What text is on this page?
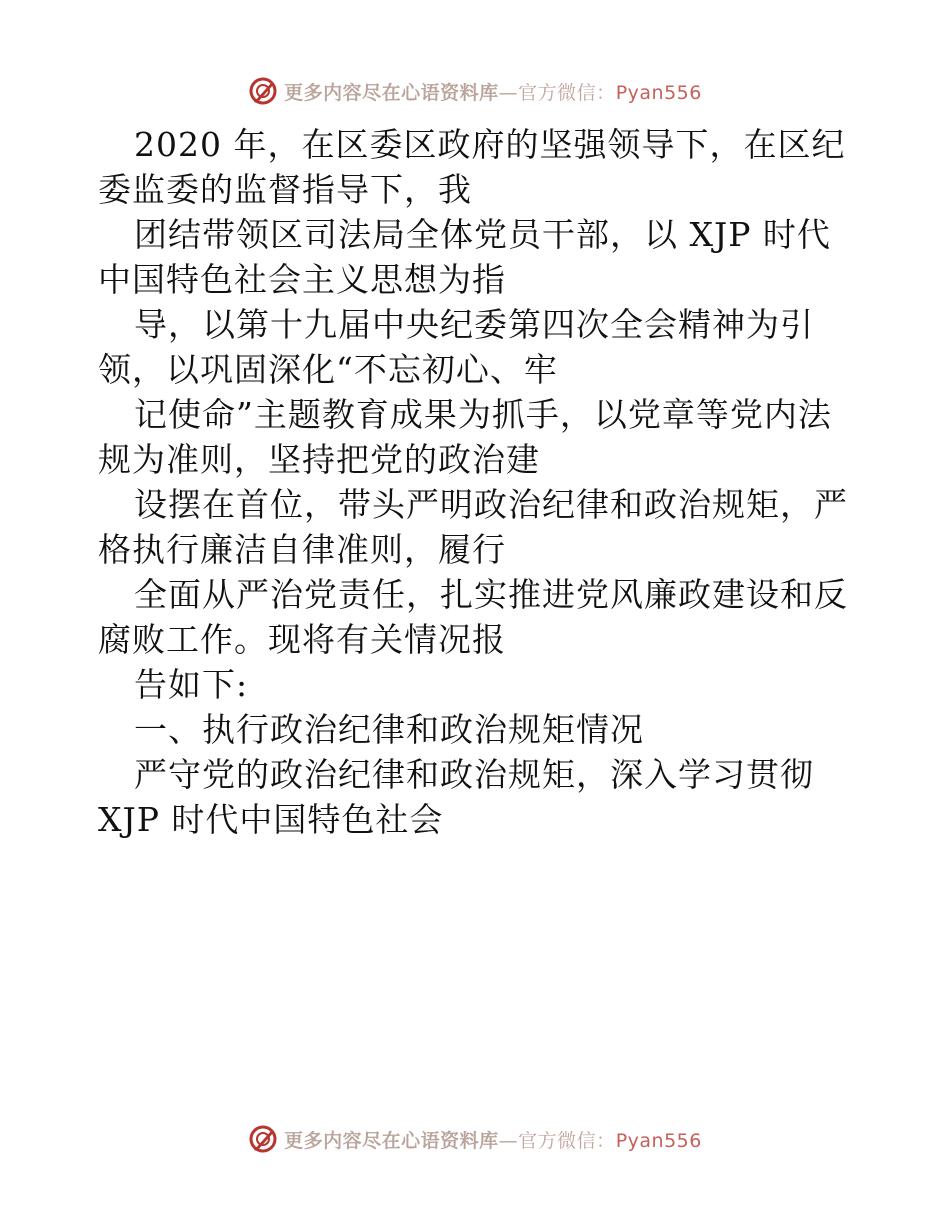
更多内容尽在心语资料库—官方微信：Pyan556
2020 年，在区委区政府的坚强领导下，在区纪
委监委的监督指导下，我
团结带领区司法局全体党员干部，以 XJP 时代
中国特色社会主义思想为指
导，以第十九届中央纪委第四次全会精神为引
领，以巩固深化“不忘初心、牢
记使命”主题教育成果为抓手，以党章等党内法
规为准则，坚持把党的政治建
设摆在首位，带头严明政治纪律和政治规矩，严
格执行廉洁自律准则，履行
全面从严治党责任，扎实推进党风廉政建设和反
腐败工作。现将有关情况报
告如下:
一、执行政治纪律和政治规矩情况
严守党的政治纪律和政治规矩，深入学习贯彻
XJP 时代中国特色社会
更多内容尽在心语资料库—官方微信：Pyan556
